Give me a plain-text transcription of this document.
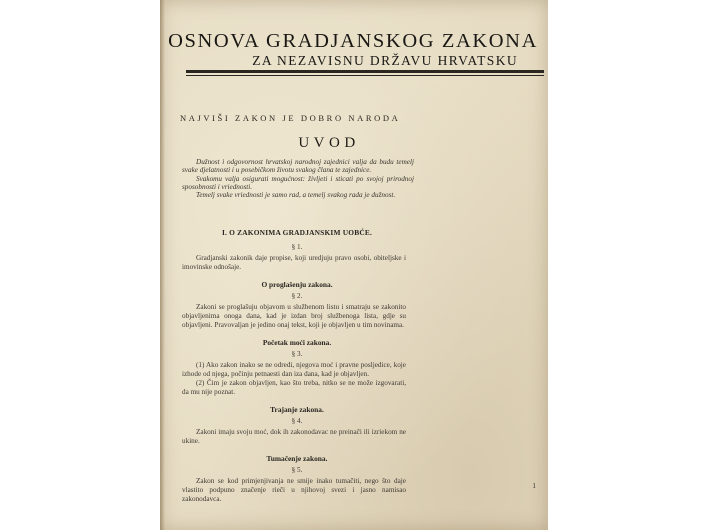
OSNOVA GRADJANSKOG ZAKONA
ZA NEZAVISNU DRŽAVU HRVATSKU
NAJVIŠI ZAKON JE DOBRO NARODA
UVOD

Dužnost i odgovornost hrvatskoj narodnoj zajednici valja da budu temelj svake djelatnosti i u posebičkom životu svakog člana te zajednice.

Svakomu valja osigurati mogućnost: življeti i sticati po svojoj prirodnoj sposobnosti i vriednosti.

Temelj svake vriednosti je samo rad, a temelj svakog rada je dužnost.

I. O ZAKONIMA GRADJANSKIM UOBĆE.
§ 1.

Gradjanski zakonik daje propise, koji uredjuju pravo osobi, obiteljske i imovinske odnošaje.

O proglašenju zakona.
§ 2.

Zakoni se proglašuju objavom u službenom listu i smatraju se zakonito objavljenima onoga dana, kad je izdan broj službenoga lista, gdje su objavljeni. Pravovaljan je jedino onaj tekst, koji je objavljen u tim novinama.

Početak moći zakona.
§ 3.

(1) Ako zakon inako se ne odredi, njegova moć i pravne posljedice, koje izhode od njega, počinju petnaesti dan iza dana, kad je objavljen.

(2) Čim je zakon objavljen, kao što treba, nitko se ne može izgovarati, da mu nije poznat.

Trajanje zakona.
§ 4.

Zakoni imaju svoju moć, dok ih zakonodavac ne preinači ili izriekom ne ukine.

Tumačenje zakona.
§ 5.

Zakon se kod primjenjivanja ne smije inako tumačiti, nego što daje vlastito podpuno značenje rieči u njihovoj svezi i jasno namisao zakonodavca.

1
